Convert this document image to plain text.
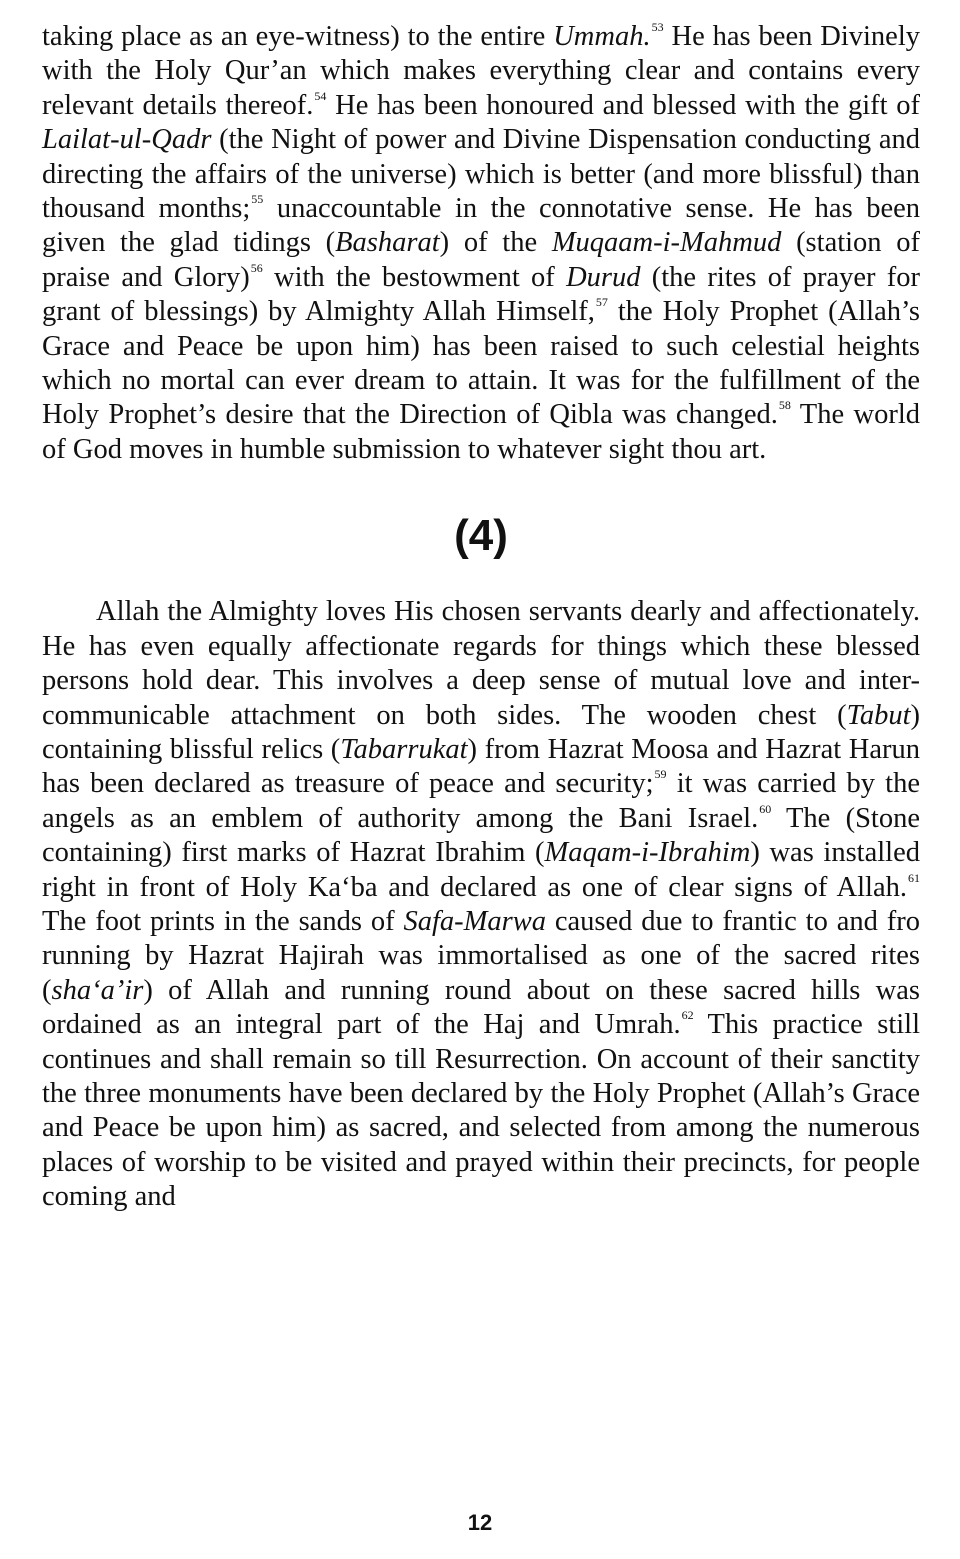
taking place as an eye-witness) to the entire Ummah.$^{53}$ He has been Divinely with the Holy Qur’an which makes everything clear and contains every relevant details thereof.$^{54}$ He has been honoured and blessed with the gift of Lailat-ul-Qadr (the Night of power and Divine Dispensation conducting and directing the affairs of the universe) which is better (and more blissful) than thousand months;$^{55}$ unaccountable in the connotative sense. He has been given the glad tidings (Basharat) of the Muqaam-i-Mahmud (station of praise and Glory)$^{56}$ with the bestowment of Durud (the rites of prayer for grant of blessings) by Almighty Allah Himself,$^{57}$ the Holy Prophet (Allah’s Grace and Peace be upon him) has been raised to such celestial heights which no mortal can ever dream to attain. It was for the fulfillment of the Holy Prophet’s desire that the Direction of Qibla was changed.$^{58}$ The world of God moves in humble submission to whatever sight thou art.

(4)

Allah the Almighty loves His chosen servants dearly and affectionately. He has even equally affectionate regards for things which these blessed persons hold dear. This involves a deep sense of mutual love and inter-communicable attachment on both sides. The wooden chest (Tabut) containing blissful relics (Tabarrukat) from Hazrat Moosa and Hazrat Harun has been declared as treasure of peace and security;$^{59}$ it was carried by the angels as an emblem of authority among the Bani Israel.$^{60}$ The (Stone containing) first marks of Hazrat Ibrahim (Maqam-i-Ibrahim) was installed right in front of Holy Ka‘ba and declared as one of clear signs of Allah.$^{61}$ The foot prints in the sands of Safa-Marwa caused due to frantic to and fro running by Hazrat Hajirah was immortalised as one of the sacred rites (sha‘a’ir) of Allah and running round about on these sacred hills was ordained as an integral part of the Haj and Umrah.$^{62}$ This practice still continues and shall remain so till Resurrection. On account of their sanctity the three monuments have been declared by the Holy Prophet (Allah’s Grace and Peace be upon him) as sacred, and selected from among the numerous places of worship to be visited and prayed within their precincts, for people coming and

12
